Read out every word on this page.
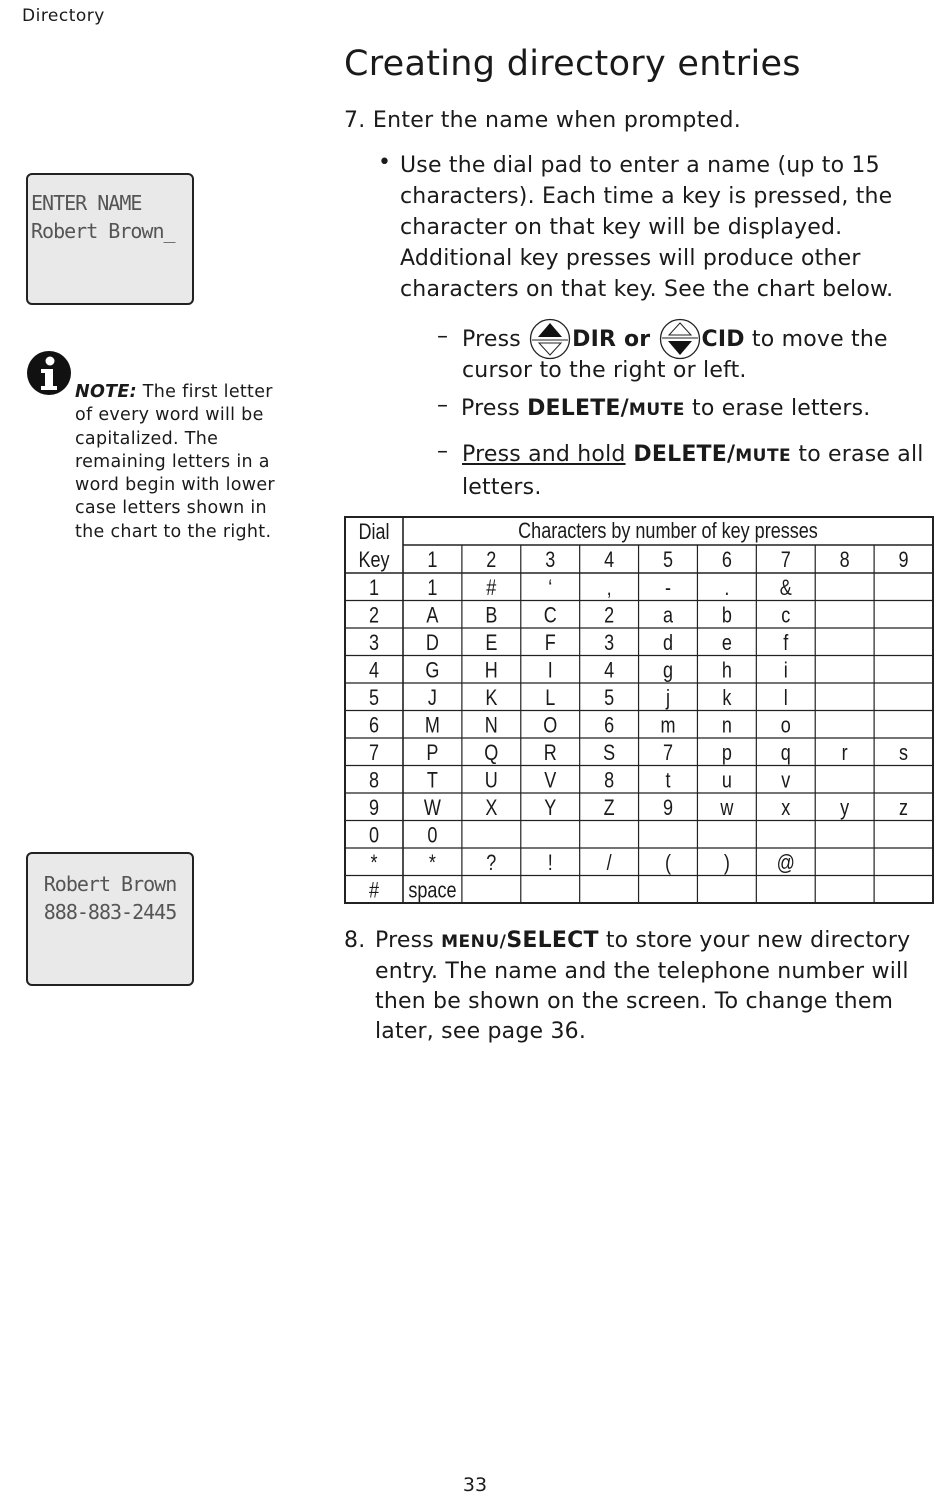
Directory
Creating directory entries
ENTER NAME
Robert Brown_
NOTE: The first letter of every word will be capitalized. The remaining letters in a word begin with lower case letters shown in the chart to the right.
Robert Brown
888-883-2445
7. Enter the name when prompted.
• Use the dial pad to enter a name (up to 15 characters). Each time a key is pressed, the character on that key will be displayed. Additional key presses will produce other characters on that key. See the chart below.
– Press DIR or CID to move the cursor to the right or left.
– Press DELETE/MUTE to erase letters.
– Press and hold DELETE/MUTE to erase all letters.
Characters by number of key presses
Dial
Key 1 2 3 4 5 6 7 8 9
1 1 # ‘ , - . &
2 A B C 2 a b c
3 D E F 3 d e f
4 G H I 4 g h i
5 J K L 5 j k l
6 M N O 6 m n o
7 P Q R S 7 p q r s
8 T U V 8 t u v
9 W X Y Z 9 w x y z
0 0
* * ? ! / ( ) @
# space
8. Press MENU/SELECT to store your new directory entry. The name and the telephone number will then be shown on the screen. To change them later, see page 36.
33
